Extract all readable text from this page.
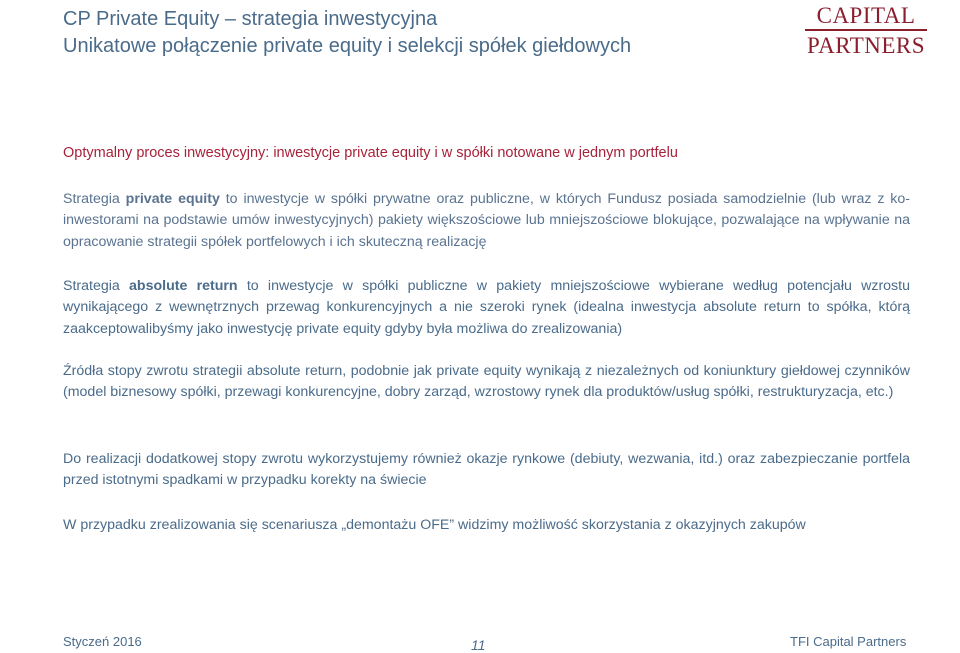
CP Private Equity – strategia inwestycyjna
Unikatowe połączenie private equity i selekcji spółek giełdowych
CAPITAL
PARTNERS
Optymalny proces inwestycyjny: inwestycje private equity i w spółki notowane w jednym portfelu
Strategia private equity to inwestycje w spółki prywatne oraz publiczne, w których Fundusz posiada samodzielnie (lub wraz z ko-inwestorami na podstawie umów inwestycyjnych) pakiety większościowe lub mniejszościowe blokujące, pozwalające na wpływanie na opracowanie strategii spółek portfelowych i ich skuteczną realizację
Strategia absolute return to inwestycje w spółki publiczne w pakiety mniejszościowe wybierane według potencjału wzrostu wynikającego z wewnętrznych przewag konkurencyjnych a nie szeroki rynek (idealna inwestycja absolute return to spółka, którą zaakceptowalibyśmy jako inwestycję private equity gdyby była możliwa do zrealizowania)
Źródła stopy zwrotu strategii absolute return, podobnie jak private equity wynikają z niezależnych od koniunktury giełdowej czynników (model biznesowy spółki, przewagi konkurencyjne, dobry zarząd, wzrostowy rynek dla produktów/usług spółki, restrukturyzacja, etc.)
Do realizacji dodatkowej stopy zwrotu wykorzystujemy również okazje rynkowe (debiuty, wezwania, itd.) oraz zabezpieczanie portfela przed istotnymi spadkami w przypadku korekty na świecie
W przypadku zrealizowania się scenariusza „demontażu OFE” widzimy możliwość skorzystania z okazyjnych zakupów
Styczeń 2016	11	TFI Capital Partners
